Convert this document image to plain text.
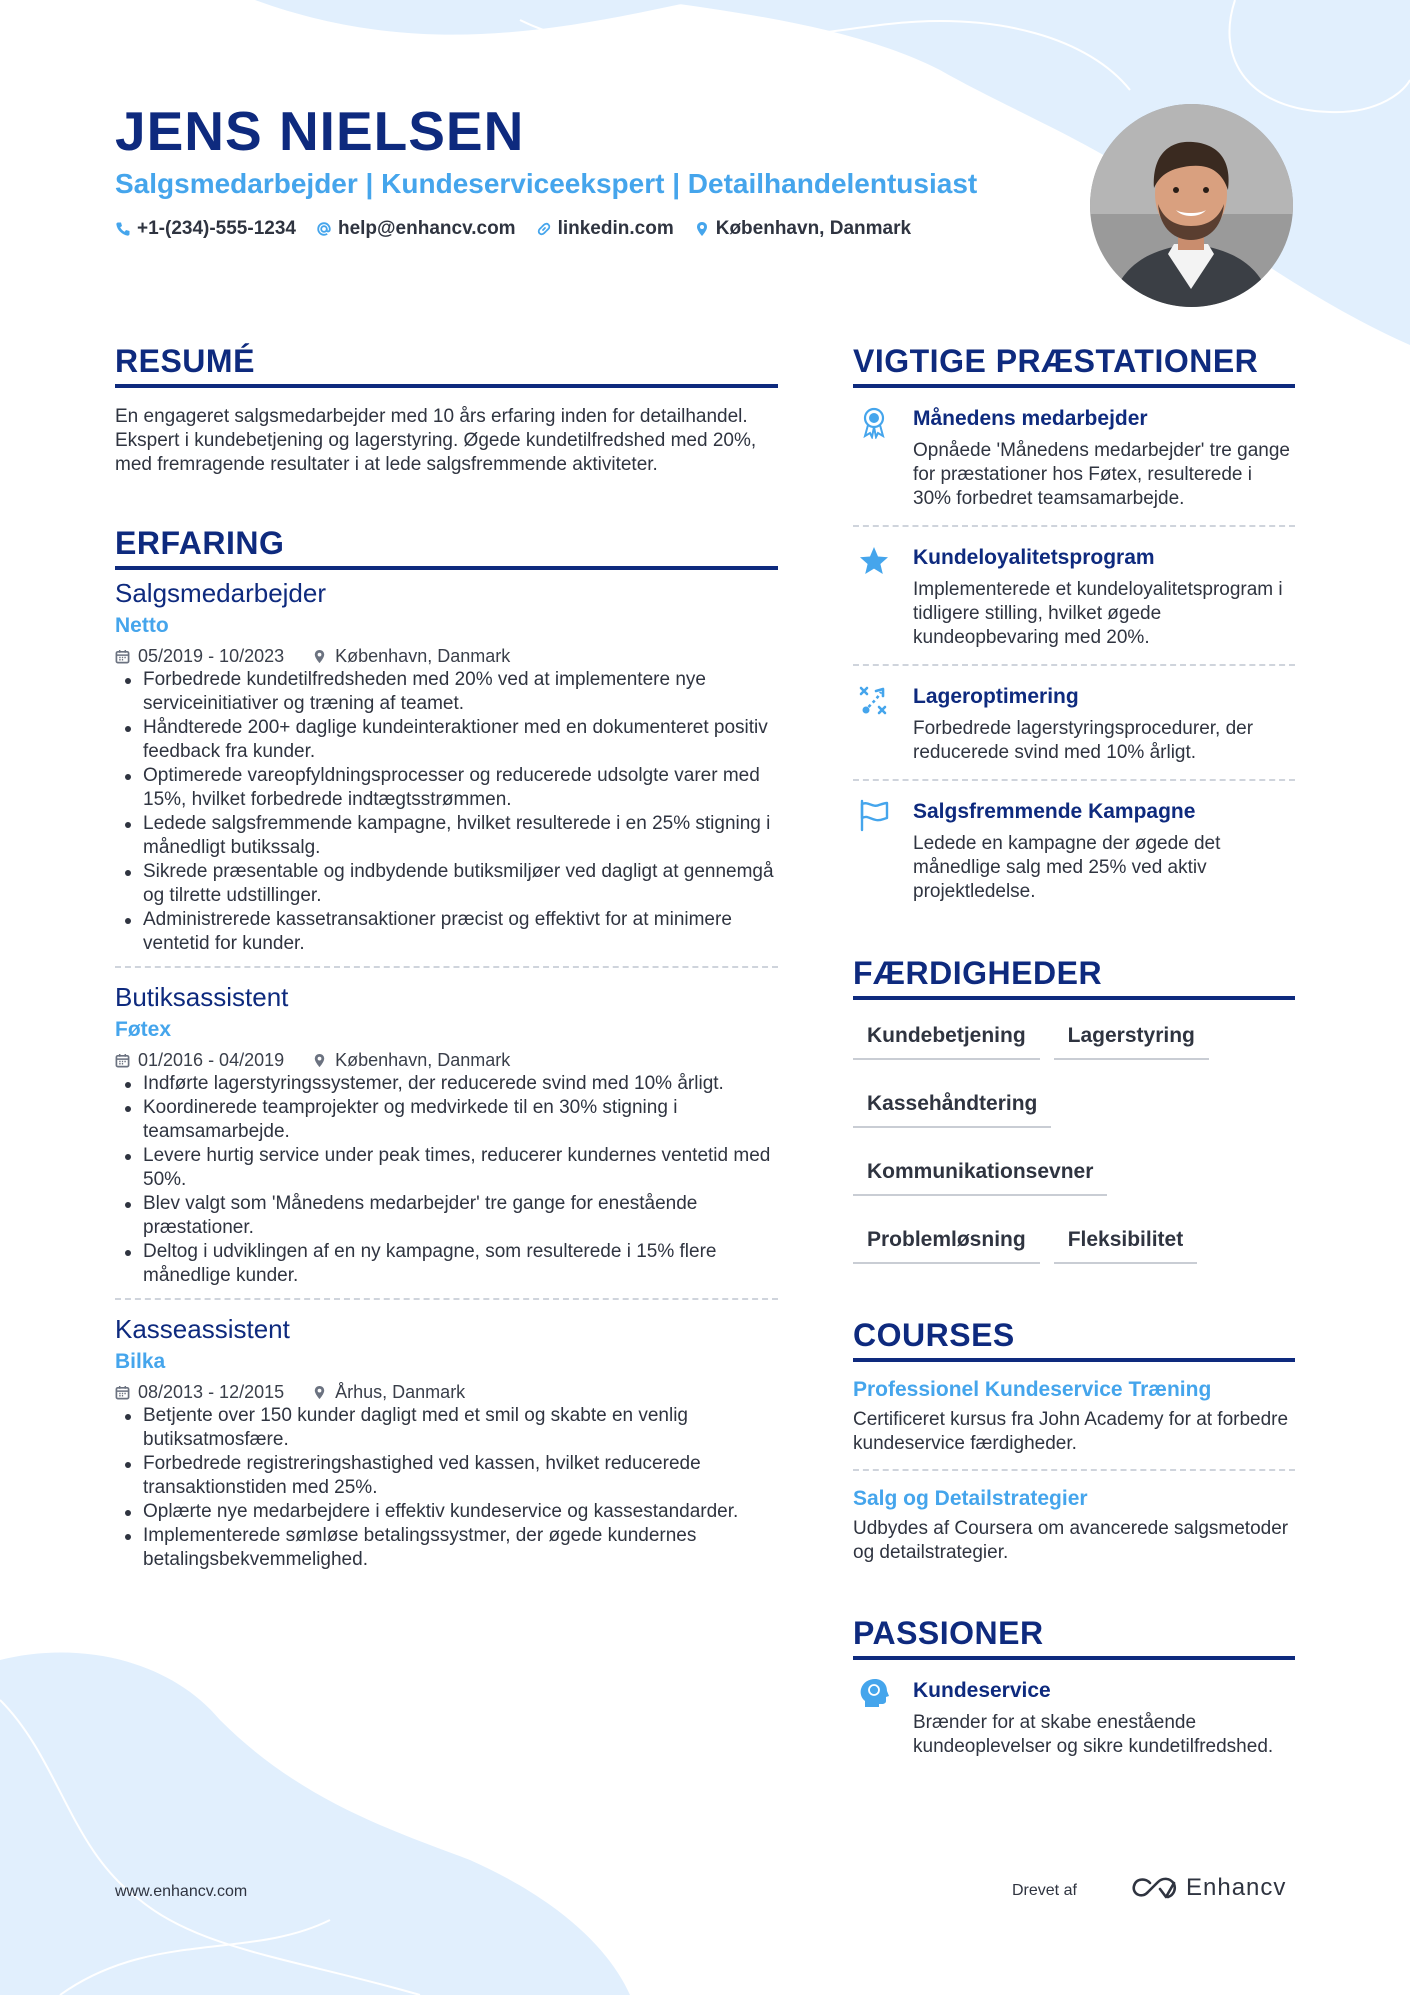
JENS NIELSEN
Salgsmedarbejder | Kundeserviceekspert | Detailhandelentusiast
+1-(234)-555-1234 help@enhancv.com linkedin.com København, Danmark
RESUMÉ

En engageret salgsmedarbejder med 10 års erfaring inden for detailhandel. Ekspert i kundebetjening og lagerstyring. Øgede kundetilfredshed med 20%, med fremragende resultater i at lede salgsfremmende aktiviteter.

ERFARING
Salgsmedarbejder
Netto
05/2019 - 10/2023	København, Danmark
Forbedrede kundetilfredsheden med 20% ved at implementere nye serviceinitiativer og træning af teamet.
Håndterede 200+ daglige kundeinteraktioner med en dokumenteret positiv feedback fra kunder.
Optimerede vareopfyldningsprocesser og reducerede udsolgte varer med 15%, hvilket forbedrede indtægtsstrømmen.
Ledede salgsfremmende kampagne, hvilket resulterede i en 25% stigning i månedligt butikssalg.
Sikrede præsentable og indbydende butiksmiljøer ved dagligt at gennemgå og tilrette udstillinger.
Administrerede kassetransaktioner præcist og effektivt for at minimere ventetid for kunder.
Butiksassistent
Føtex
01/2016 - 04/2019	København, Danmark
Indførte lagerstyringssystemer, der reducerede svind med 10% årligt.
Koordinerede teamprojekter og medvirkede til en 30% stigning i teamsamarbejde.
Levere hurtig service under peak times, reducerer kundernes ventetid med 50%.
Blev valgt som 'Månedens medarbejder' tre gange for enestående præstationer.
Deltog i udviklingen af en ny kampagne, som resulterede i 15% flere månedlige kunder.
Kasseassistent
Bilka
08/2013 - 12/2015	Århus, Danmark
Betjente over 150 kunder dagligt med et smil og skabte en venlig butiksatmosfære.
Forbedrede registreringshastighed ved kassen, hvilket reducerede transaktionstiden med 25%.
Oplærte nye medarbejdere i effektiv kundeservice og kassestandarder.
Implementerede sømløse betalingssystmer, der øgede kundernes betalingsbekvemmelighed.
VIGTIGE PRÆSTATIONER
Månedens medarbejder
Opnåede 'Månedens medarbejder' tre gange for præstationer hos Føtex, resulterede i 30% forbedret teamsamarbejde.
Kundeloyalitetsprogram
Implementerede et kundeloyalitetsprogram i tidligere stilling, hvilket øgede kundeopbevaring med 20%.
Lageroptimering
Forbedrede lagerstyringsprocedurer, der reducerede svind med 10% årligt.
Salgsfremmende Kampagne
Ledede en kampagne der øgede det månedlige salg med 25% ved aktiv projektledelse.
FÆRDIGHEDER
Kundebetjening	Lagerstyring
Kassehåndtering
Kommunikationsevner
Problemløsning	Fleksibilitet
COURSES
Professionel Kundeservice Træning
Certificeret kursus fra John Academy for at forbedre kundeservice færdigheder.
Salg og Detailstrategier
Udbydes af Coursera om avancerede salgsmetoder og detailstrategier.
PASSIONER
Kundeservice
Brænder for at skabe enestående kundeoplevelser og sikre kundetilfredshed.
www.enhancv.com	Drevet af	Enhancv
